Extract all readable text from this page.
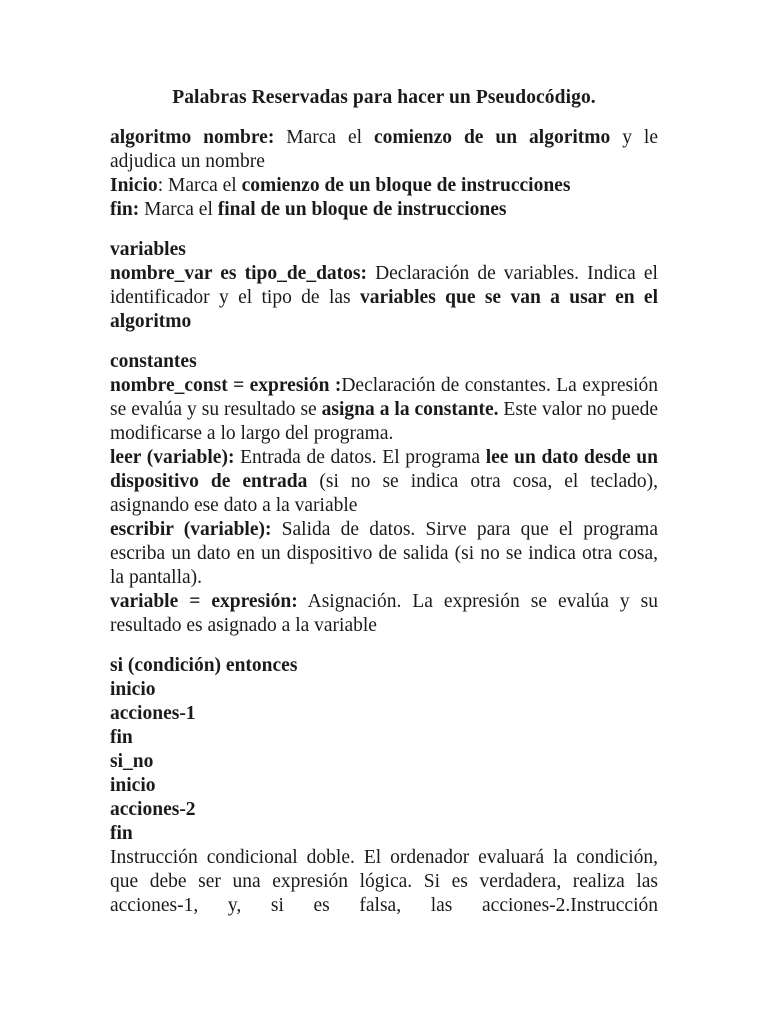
Palabras Reservadas para hacer un Pseudocódigo.

algoritmo nombre: Marca el comienzo de un algoritmo y le adjudica un nombre

Inicio: Marca el comienzo de un bloque de instrucciones

fin: Marca el final de un bloque de instrucciones

variables

nombre_var es tipo_de_datos: Declaración de variables. Indica el identificador y el tipo de las variables que se van a usar en el algoritmo

constantes

nombre_const = expresión :Declaración de constantes. La expresión se evalúa y su resultado se asigna a la constante. Este valor no puede modificarse a lo largo del programa.

leer (variable): Entrada de datos. El programa lee un dato desde un dispositivo de entrada (si no se indica otra cosa, el teclado), asignando ese dato a la variable

escribir (variable): Salida de datos. Sirve para que el programa escriba un dato en un dispositivo de salida (si no se indica otra cosa, la pantalla).

variable = expresión: Asignación. La expresión se evalúa y su resultado es asignado a la variable

si (condición) entonces

inicio

acciones-1

fin

si_no

inicio

acciones-2

fin

Instrucción condicional doble. El ordenador evaluará la condición, que debe ser una expresión lógica. Si es verdadera, realiza las acciones-1, y, si es falsa, las acciones-2.Instrucción
